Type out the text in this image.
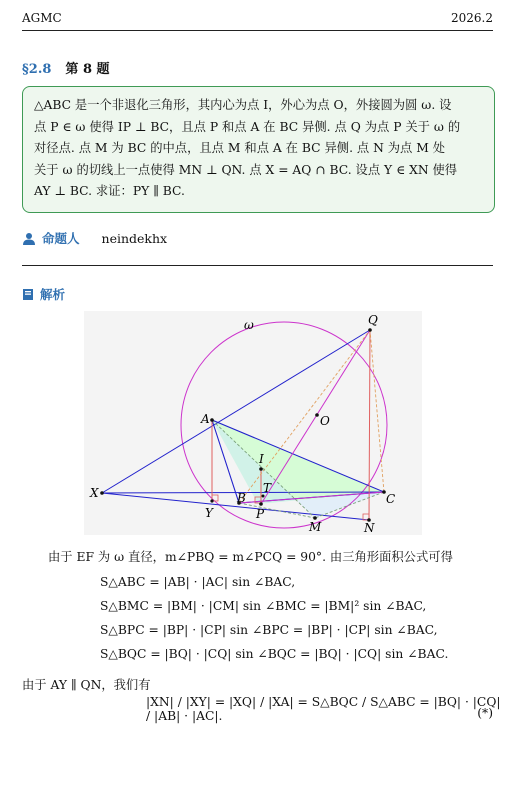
AGMC	2026.2
§2.8 第 8 题
△ABC 是一个非退化三角形，其内心为点 I，外心为点 O，外接圆为圆 ω. 设
点 P ∈ ω 使得 IP ⊥ BC，且点 P 和点 A 在 BC 异侧. 点 Q 为点 P 关于 ω 的
对径点. 点 M 为 BC 的中点，且点 M 和点 A 在 BC 异侧. 点 N 为点 M 处
关于 ω 的切线上一点使得 MN ⊥ QN. 点 X = AQ ∩ BC. 设点 Y ∈ XN 使得
AY ⊥ BC. 求证：PY ∥ BC.
命题人 neindekhx
解析
ω	Q
A	O
I
T
X	B	C
Y	P
M	N
由于 EF 为 ω 直径，m∠PBQ = m∠PCQ = 90°. 由三角形面积公式可得
S△ABC = |AB| · |AC| sin ∠BAC,
S△BMC = |BM| · |CM| sin ∠BMC = |BM|² sin ∠BAC,
S△BPC = |BP| · |CP| sin ∠BPC = |BP| · |CP| sin ∠BAC,
S△BQC = |BQ| · |CQ| sin ∠BQC = |BQ| · |CQ| sin ∠BAC.
由于 AY ∥ QN，我们有
|XN| / |XY| = |XQ| / |XA| = S△BQC / S△ABC = |BQ| · |CQ| / |AB| · |AC|.	(*)
